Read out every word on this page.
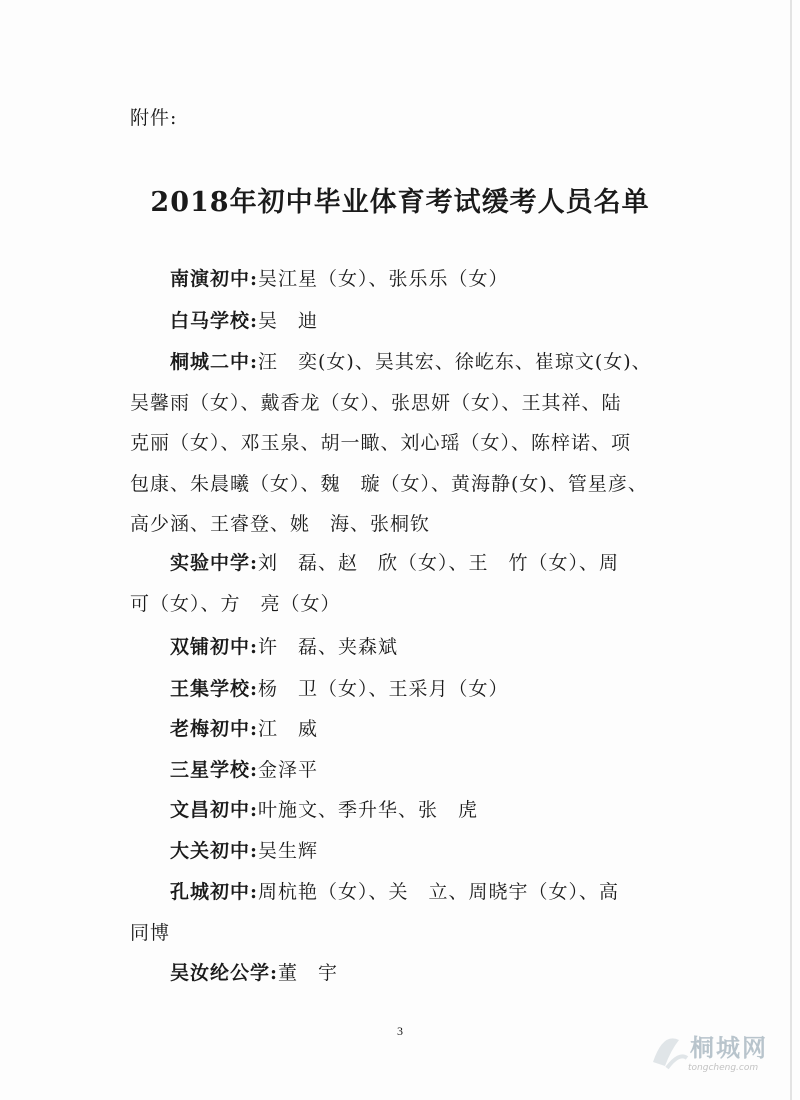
附件:
2018年初中毕业体育考试缓考人员名单
南演初中:吴江星（女）、张乐乐（女）
白马学校:吴　迪
桐城二中:汪　奕(女)、吴其宏、徐屹东、崔琼文(女)、
吴馨雨（女）、戴香龙（女）、张思妍（女）、王其祥、陆
克丽（女）、邓玉泉、胡一瞰、刘心瑶（女）、陈梓诺、项
包康、朱晨曦（女）、魏　璇（女）、黄海静(女)、管星彦、
高少涵、王睿登、姚　海、张桐钦
实验中学:刘　磊、赵　欣（女）、王　竹（女）、周
可（女）、方　亮（女）
双铺初中:许　磊、夹森斌
王集学校:杨　卫（女）、王采月（女）
老梅初中:江　威
三星学校:金泽平
文昌初中:叶施文、季升华、张　虎
大关初中:吴生辉
孔城初中:周杭艳（女）、关　立、周晓宇（女）、高
同博
吴汝纶公学:董　宇
3
桐城网
tongcheng.com
